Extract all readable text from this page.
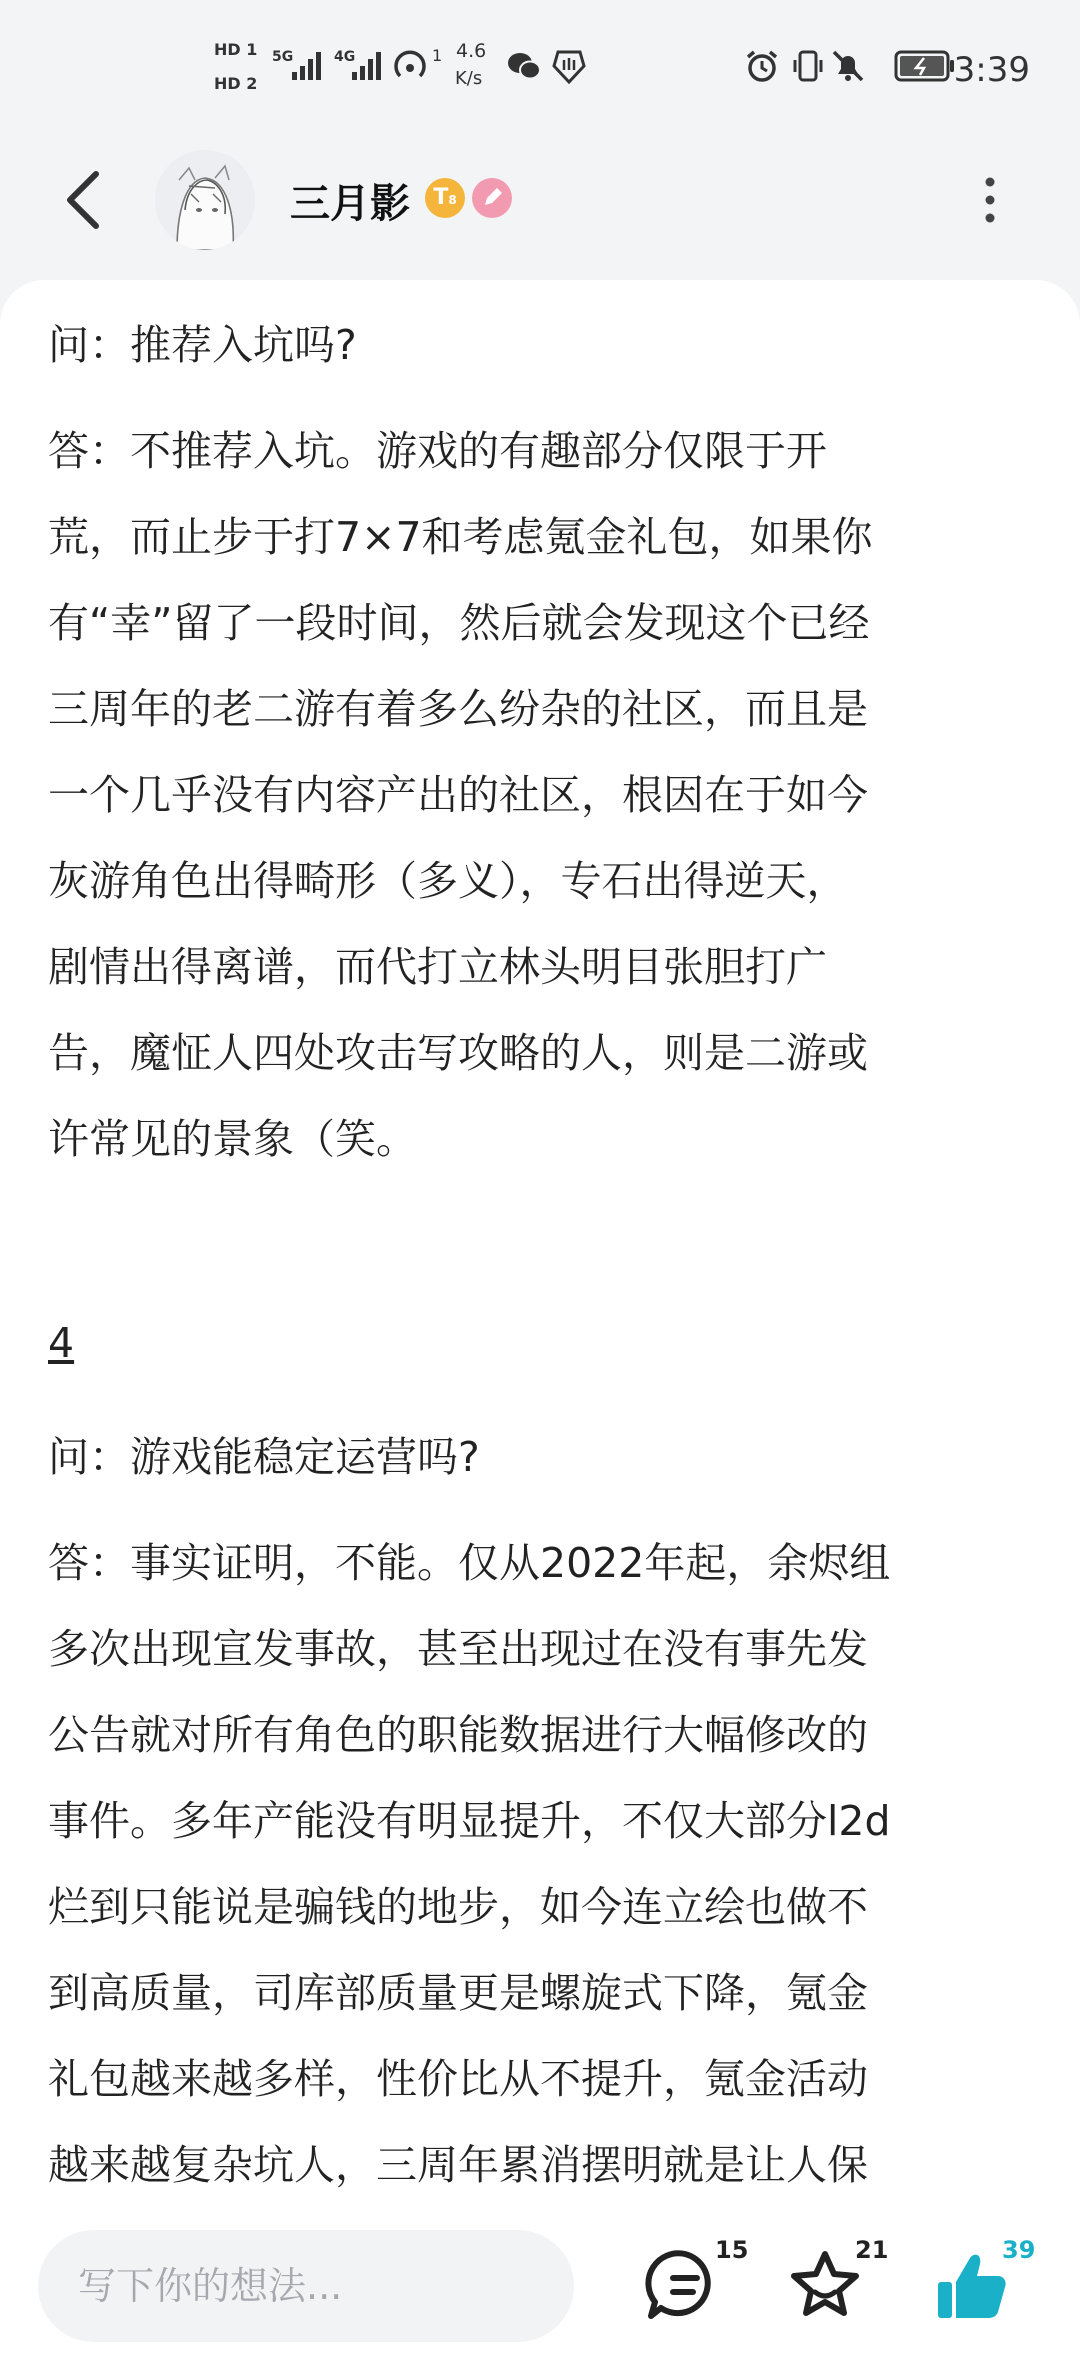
HD 1
HD 2
5G	4G	1 4.6
K/s	3:39
三月影	T8

问：推荐入坑吗?

答：不推荐入坑。游戏的有趣部分仅限于开

荒，而止步于打7×7和考虑氪金礼包，如果你

有“幸”留了一段时间，然后就会发现这个已经

三周年的老二游有着多么纷杂的社区，而且是

一个几乎没有内容产出的社区，根因在于如今

灰游角色出得畸形（多义），专石出得逆天，

剧情出得离谱，而代打立林头明目张胆打广

告，魔怔人四处攻击写攻略的人，则是二游或

许常见的景象（笑。

4

问：游戏能稳定运营吗?

答：事实证明，不能。仅从2022年起，余烬组

多次出现宣发事故，甚至出现过在没有事先发

公告就对所有角色的职能数据进行大幅修改的

事件。多年产能没有明显提升，不仅大部分l2d

烂到只能说是骗钱的地步，如今连立绘也做不

到高质量，司库部质量更是螺旋式下降，氪金

礼包越来越多样，性价比从不提升，氪金活动

越来越复杂坑人，三周年累消摆明就是让人保

写下你的想法...
15	21	39
